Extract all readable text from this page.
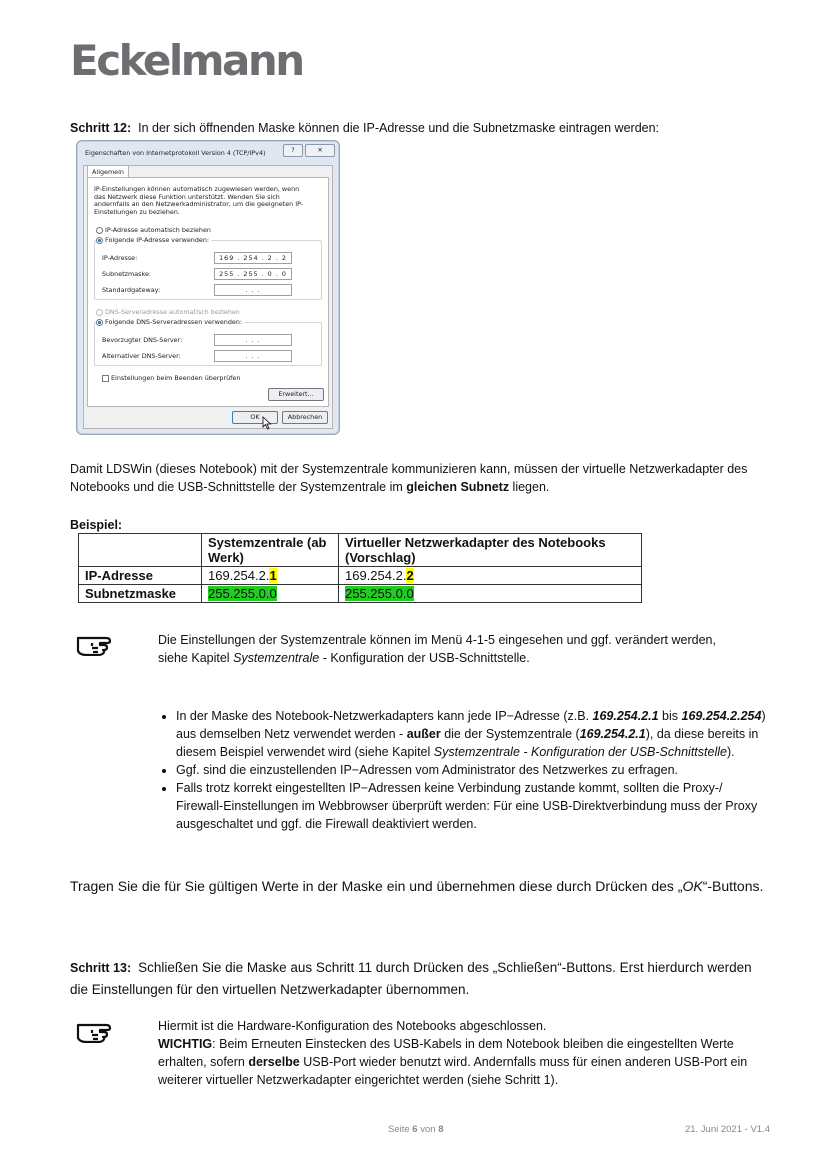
Eckelmann
Schritt 12: In der sich öffnenden Maske können die IP-Adresse und die Subnetzmaske eintragen werden:
Eigenschaften von Internetprotokoll Version 4 (TCP/IPv4)	?	✕
Allgemein
IP-Einstellungen können automatisch zugewiesen werden, wenn das Netzwerk diese Funktion unterstützt. Wenden Sie sich andernfalls an den Netzwerkadministrator, um die geeigneten IP-Einstellungen zu beziehen.
IP-Adresse automatisch beziehen
Folgende IP-Adresse verwenden:
IP-Adresse:	169 . 254 . 2 . 2
Subnetzmaske:	255 . 255 . 0 . 0
Standardgateway:	. . .
DNS-Serveradresse automatisch beziehen
Folgende DNS-Serveradressen verwenden:
Bevorzugter DNS-Server:	. . .
Alternativer DNS-Server:	. . .
Einstellungen beim Beenden überprüfen
Erweitert...
OK	Abbrechen
Damit LDSWin (dieses Notebook) mit der Systemzentrale kommunizieren kann, müssen der virtuelle Netzwerkadapter des Notebooks und die USB-Schnittstelle der Systemzentrale im gleichen Subnetz liegen.
Beispiel:
	Systemzentrale (ab Werk)	Virtueller Netzwerkadapter des Notebooks (Vorschlag)
IP-Adresse	169.254.2.1	169.254.2.2
Subnetzmaske	255.255.0.0	255.255.0.0
Die Einstellungen der Systemzentrale können im Menü 4-1-5 eingesehen und ggf. verändert werden,
siehe Kapitel Systemzentrale - Konfiguration der USB-Schnittstelle.
• In der Maske des Notebook-Netzwerkadapters kann jede IP−Adresse (z.B. 169.254.2.1 bis 169.254.2.254) aus demselben Netz verwendet werden - außer die der Systemzentrale (169.254.2.1), da diese bereits in diesem Beispiel verwendet wird (siehe Kapitel Systemzentrale - Konfiguration der USB-Schnittstelle).
• Ggf. sind die einzustellenden IP−Adressen vom Administrator des Netzwerkes zu erfragen.
• Falls trotz korrekt eingestellten IP−Adressen keine Verbindung zustande kommt, sollten die Proxy-/ Firewall-Einstellungen im Webbrowser überprüft werden: Für eine USB-Direktverbindung muss der Proxy ausgeschaltet und ggf. die Firewall deaktiviert werden.
Tragen Sie die für Sie gültigen Werte in der Maske ein und übernehmen diese durch Drücken des „OK“-Buttons.
Schritt 13: Schließen Sie die Maske aus Schritt 11 durch Drücken des „Schließen“-Buttons. Erst hierdurch werden die Einstellungen für den virtuellen Netzwerkadapter übernommen.
Hiermit ist die Hardware-Konfiguration des Notebooks abgeschlossen.
WICHTIG: Beim Erneuten Einstecken des USB-Kabels in dem Notebook bleiben die eingestellten Werte erhalten, sofern derselbe USB-Port wieder benutzt wird. Andernfalls muss für einen anderen USB-Port ein weiterer virtueller Netzwerkadapter eingerichtet werden (siehe Schritt 1).
Seite 6 von 8	21. Juni 2021 - V1.4
